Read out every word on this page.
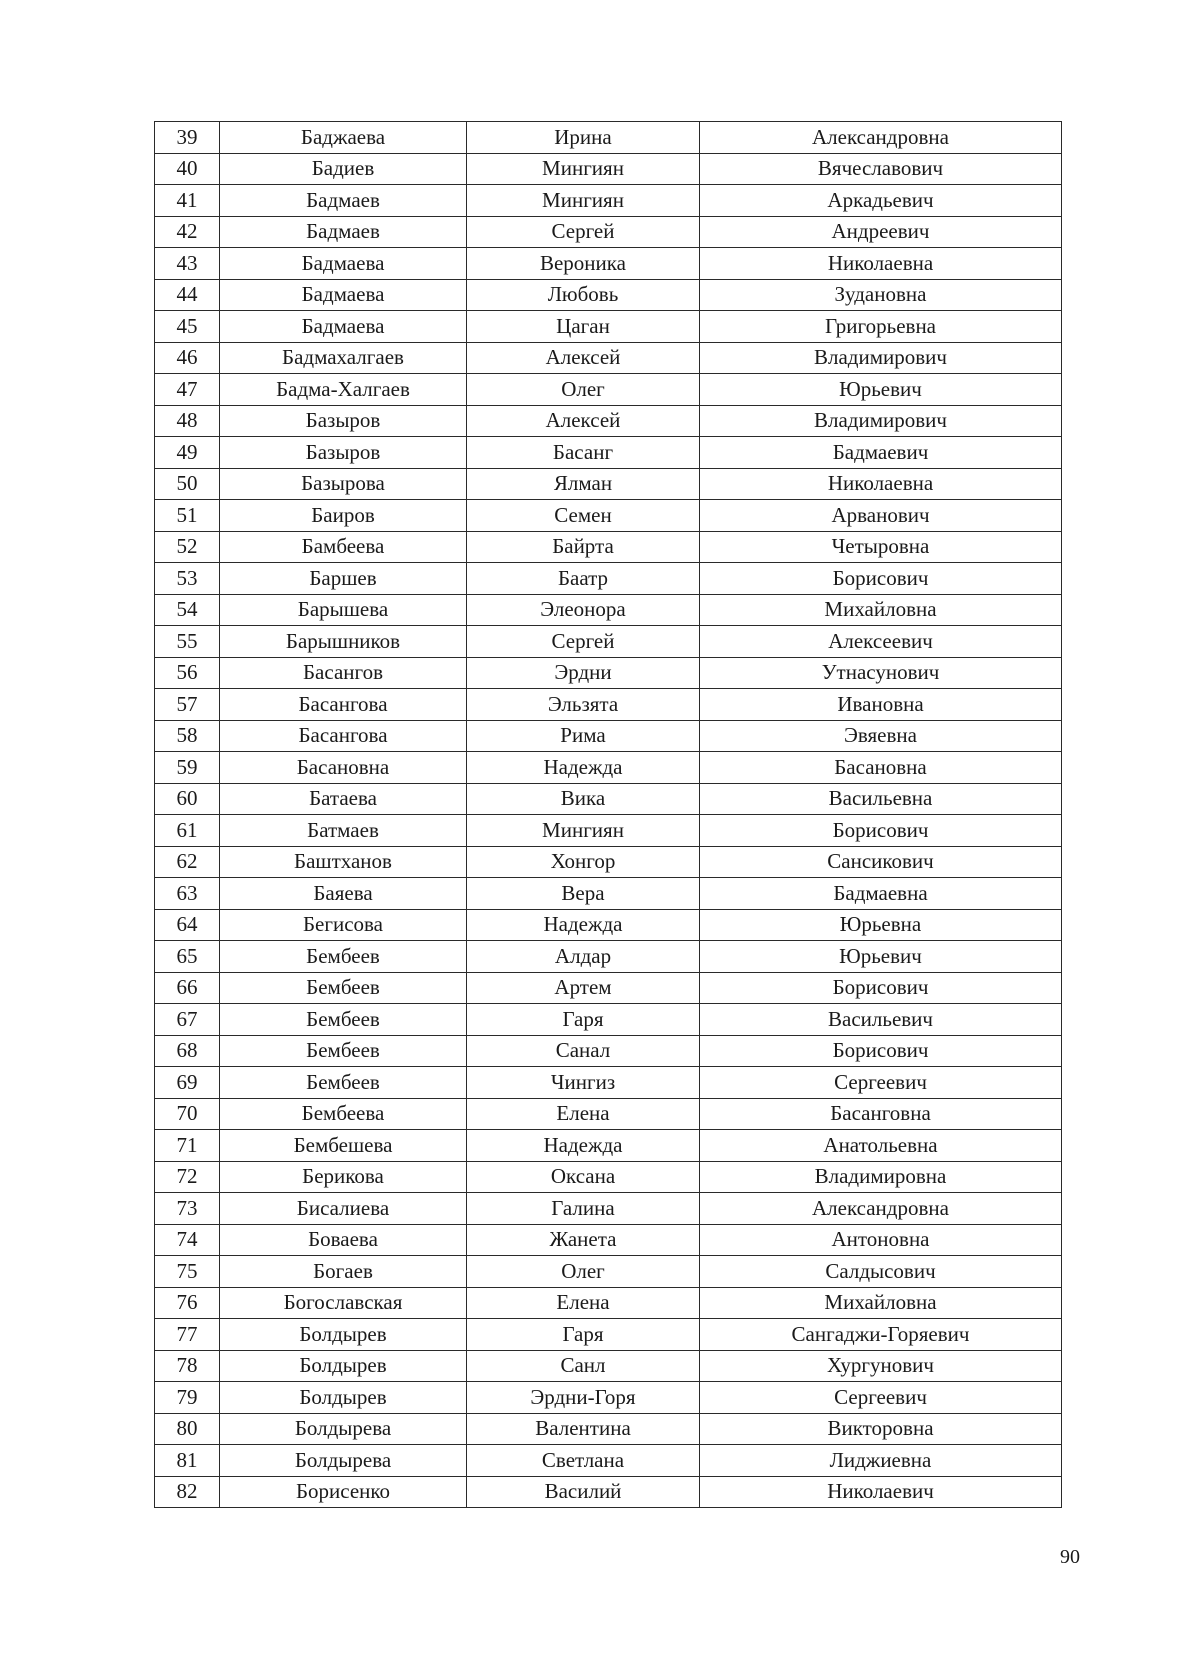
39	Баджаева	Ирина	Александровна
40	Бадиев	Мингиян	Вячеславович
41	Бадмаев	Мингиян	Аркадьевич
42	Бадмаев	Сергей	Андреевич
43	Бадмаева	Вероника	Николаевна
44	Бадмаева	Любовь	Зудановна
45	Бадмаева	Цаган	Григорьевна
46	Бадмахалгаев	Алексей	Владимирович
47	Бадма-Халгаев	Олег	Юрьевич
48	Базыров	Алексей	Владимирович
49	Базыров	Басанг	Бадмаевич
50	Базырова	Ялман	Николаевна
51	Баиров	Семен	Арванович
52	Бамбеева	Байрта	Четыровна
53	Баршев	Баатр	Борисович
54	Барышева	Элеонора	Михайловна
55	Барышников	Сергей	Алексеевич
56	Басангов	Эрдни	Утнасунович
57	Басангова	Эльзята	Ивановна
58	Басангова	Рима	Эвяевна
59	Басановна	Надежда	Басановна
60	Батаева	Вика	Васильевна
61	Батмаев	Мингиян	Борисович
62	Баштханов	Хонгор	Сансикович
63	Баяева	Вера	Бадмаевна
64	Бегисова	Надежда	Юрьевна
65	Бембеев	Алдар	Юрьевич
66	Бембеев	Артем	Борисович
67	Бембеев	Гаря	Васильевич
68	Бембеев	Санал	Борисович
69	Бембеев	Чингиз	Сергеевич
70	Бембеева	Елена	Басанговна
71	Бембешева	Надежда	Анатольевна
72	Берикова	Оксана	Владимировна
73	Бисалиева	Галина	Александровна
74	Боваева	Жанета	Антоновна
75	Богаев	Олег	Салдысович
76	Богославская	Елена	Михайловна
77	Болдырев	Гаря	Сангаджи-Горяевич
78	Болдырев	Санл	Хургунович
79	Болдырев	Эрдни-Горя	Сергеевич
80	Болдырева	Валентина	Викторовна
81	Болдырева	Светлана	Лиджиевна
82	Борисенко	Василий	Николаевич
90
